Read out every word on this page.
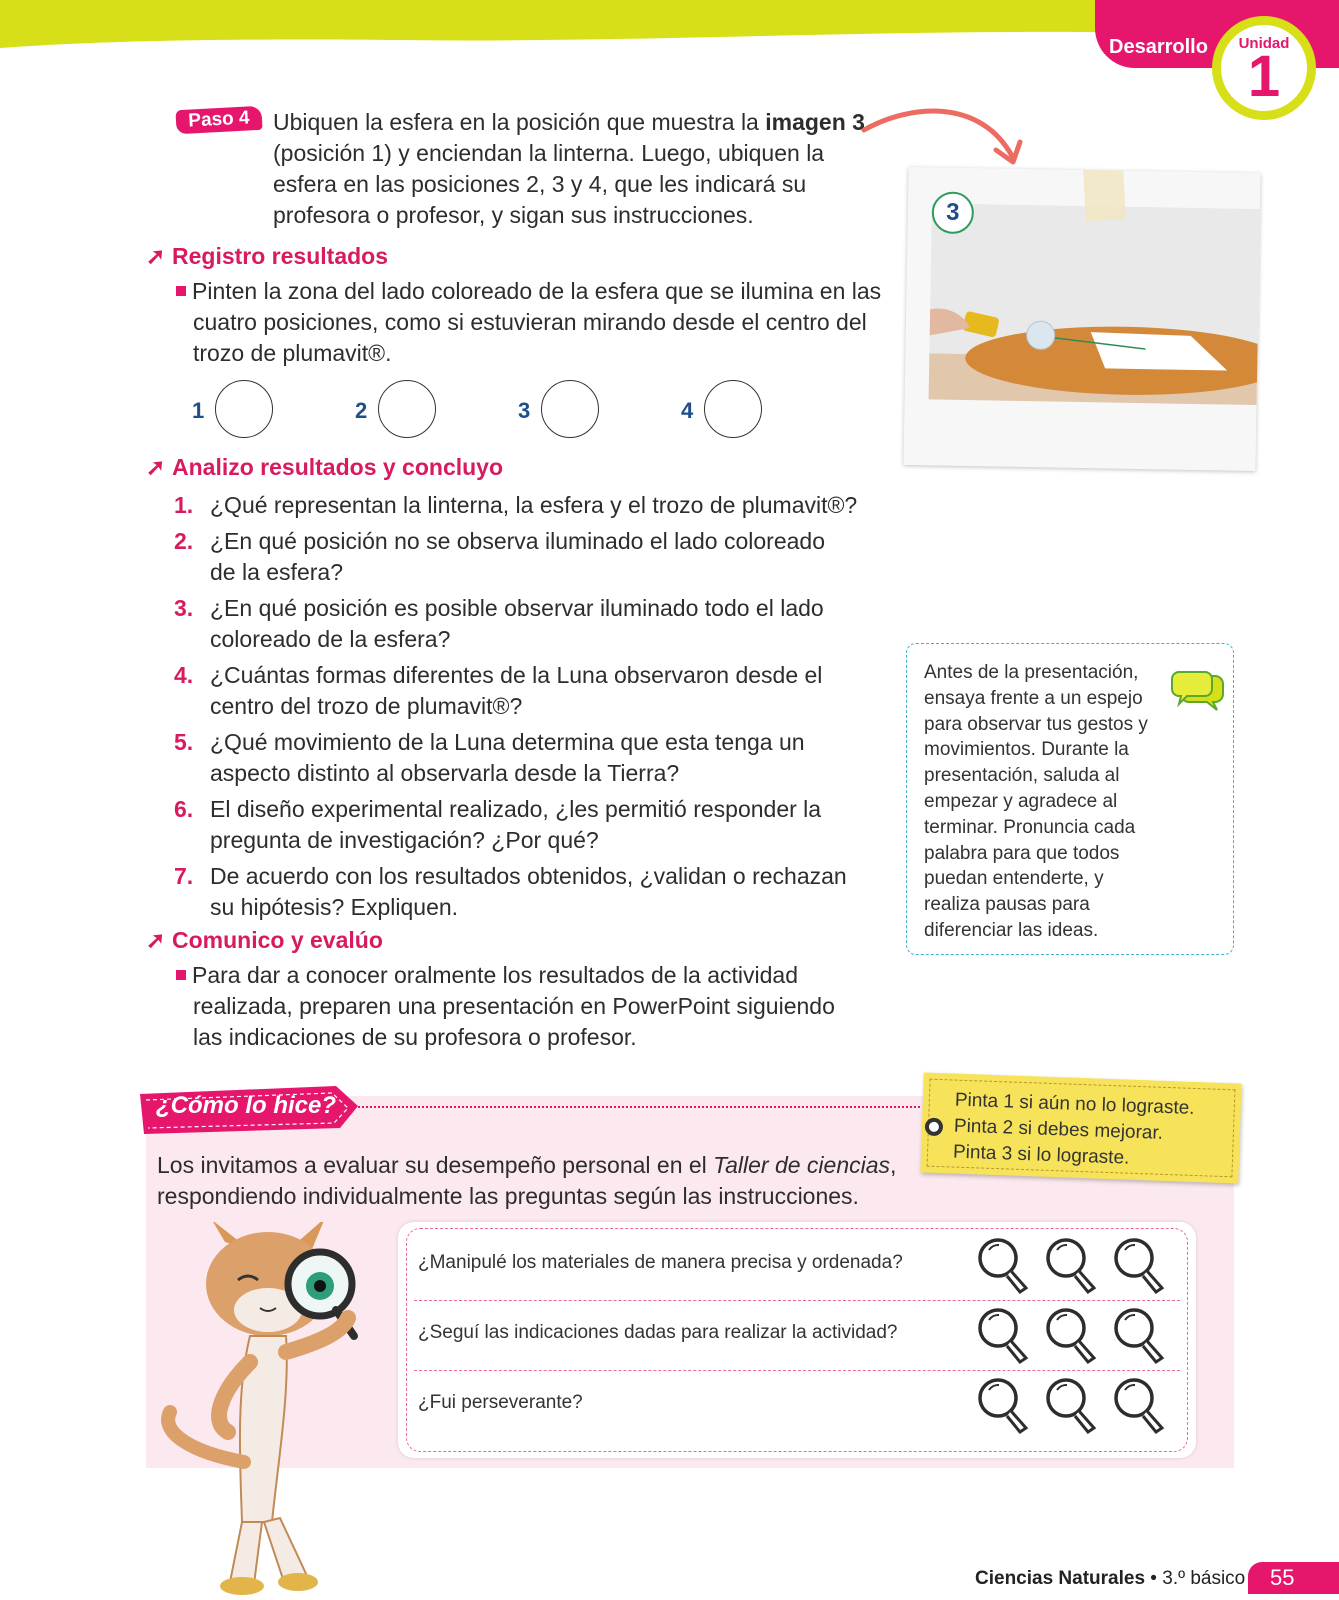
Desarrollo	Unidad
1
Paso 4 Ubiquen la esfera en la posición que muestra la imagen 3 (posición 1) y enciendan la linterna. Luego, ubiquen la esfera en las posiciones 2, 3 y 4, que les indicará su profesora o profesor, y sigan sus instrucciones.	3
➚ Registro resultados
Pinten la zona del lado coloreado de la esfera que se ilumina en las cuatro posiciones, como si estuvieran mirando desde el centro del trozo de plumavit®.
1	2	3	4
➚ Analizo resultados y concluyo
1. ¿Qué representan la linterna, la esfera y el trozo de plumavit®?
2. ¿En qué posición no se observa iluminado el lado coloreado de la esfera?
3. ¿En qué posición es posible observar iluminado todo el lado coloreado de la esfera?
4. ¿Cuántas formas diferentes de la Luna observaron desde el centro del trozo de plumavit®?
5. ¿Qué movimiento de la Luna determina que esta tenga un aspecto distinto al observarla desde la Tierra?
6. El diseño experimental realizado, ¿les permitió responder la pregunta de investigación? ¿Por qué?
7. De acuerdo con los resultados obtenidos, ¿validan o rechazan su hipótesis? Expliquen.
➚ Comunico y evalúo
Para dar a conocer oralmente los resultados de la actividad realizada, preparen una presentación en PowerPoint siguiendo las indicaciones de su profesora o profesor.
Antes de la presentación, ensaya frente a un espejo para observar tus gestos y movimientos. Durante la presentación, saluda al empezar y agradece al terminar. Pronuncia cada palabra para que todos puedan entenderte, y realiza pausas para diferenciar las ideas.
¿Cómo lo hice?	Pinta 1 si aún no lo lograste.
Pinta 2 si debes mejorar.
Pinta 3 si lo lograste.
Los invitamos a evaluar su desempeño personal en el Taller de ciencias, respondiendo individualmente las preguntas según las instrucciones.
¿Manipulé los materiales de manera precisa y ordenada?
¿Seguí las indicaciones dadas para realizar la actividad?
¿Fui perseverante?
Ciencias Naturales • 3.º básico	55
